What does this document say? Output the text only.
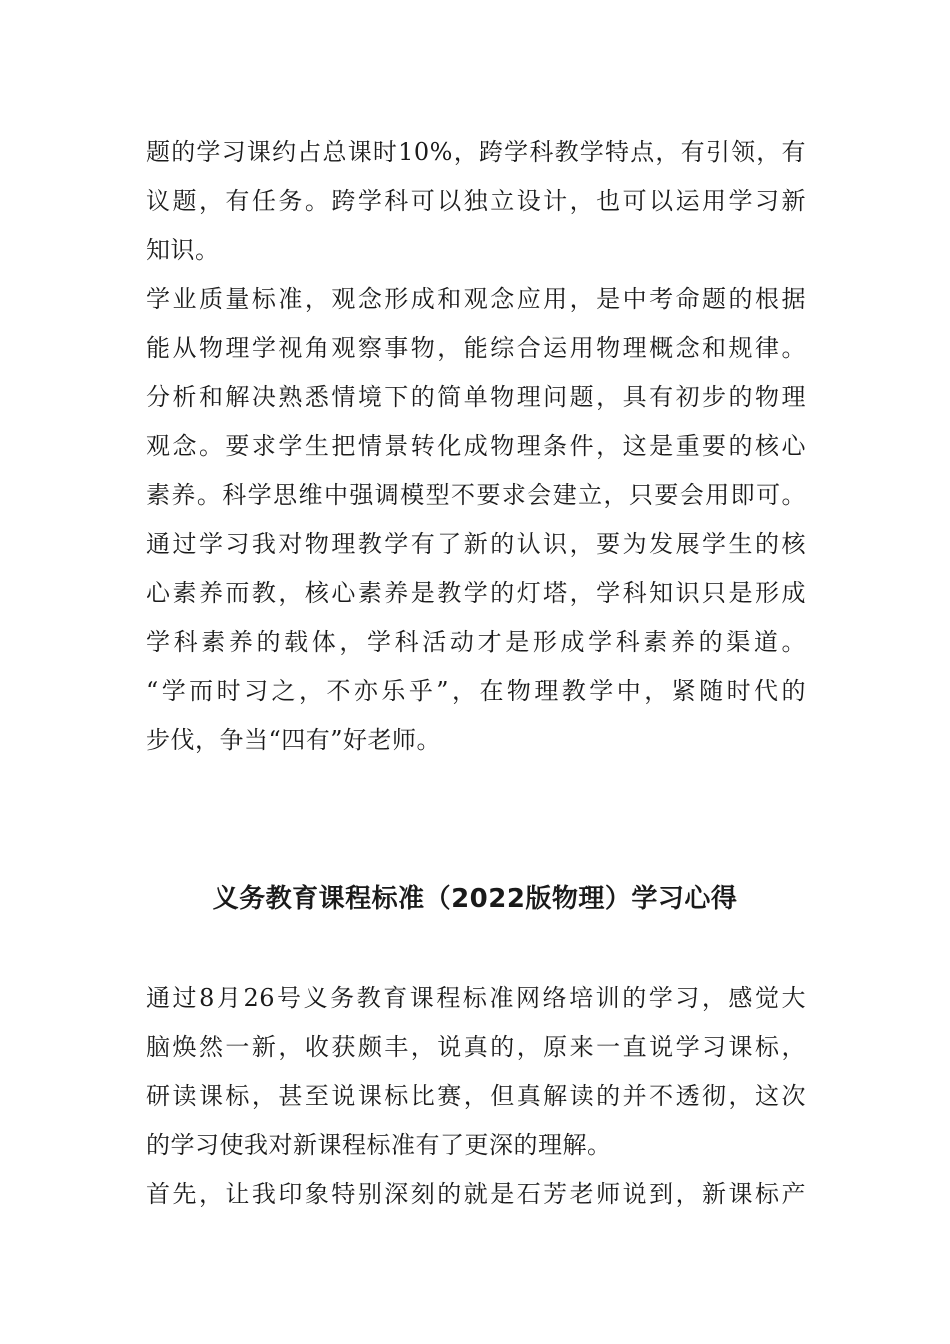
题的学习课约占总课时10%，跨学科教学特点，有引领，有
议题，有任务。跨学科可以独立设计，也可以运用学习新
知识。
学业质量标准，观念形成和观念应用，是中考命题的根据
能从物理学视角观察事物，能综合运用物理概念和规律。
分析和解决熟悉情境下的简单物理问题，具有初步的物理
观念。要求学生把情景转化成物理条件，这是重要的核心
素养。科学思维中强调模型不要求会建立，只要会用即可。
通过学习我对物理教学有了新的认识，要为发展学生的核
心素养而教，核心素养是教学的灯塔，学科知识只是形成
学科素养的载体，学科活动才是形成学科素养的渠道。
“学而时习之，不亦乐乎”，在物理教学中，紧随时代的
步伐，争当“四有”好老师。
义务教育课程标准（2022版物理）学习心得
通过8月26号义务教育课程标准网络培训的学习，感觉大
脑焕然一新，收获颇丰，说真的，原来一直说学习课标，
研读课标，甚至说课标比赛，但真解读的并不透彻，这次
的学习使我对新课程标准有了更深的理解。
首先，让我印象特别深刻的就是石芳老师说到，新课标产
